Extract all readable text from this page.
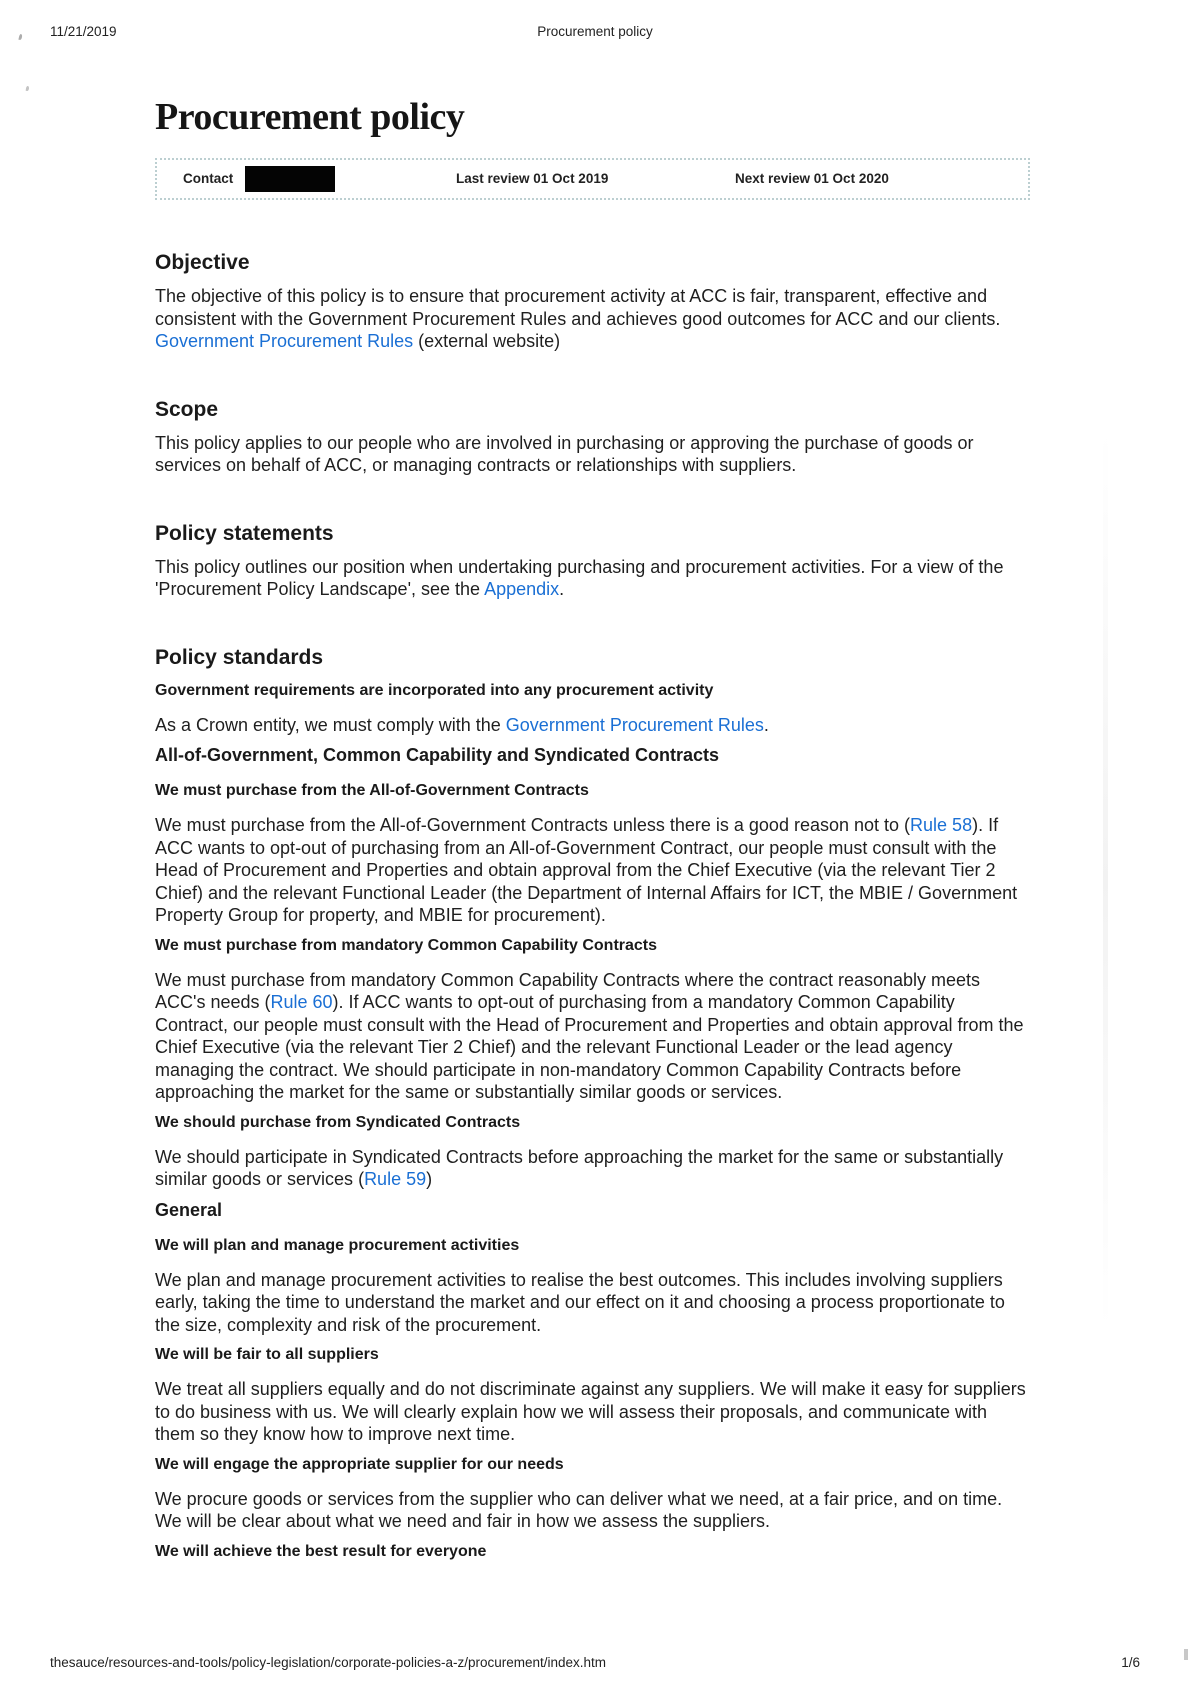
11/21/2019	Procurement policy
Procurement policy
Contact	Last review 01 Oct 2019	Next review 01 Oct 2020
Objective
The objective of this policy is to ensure that procurement activity at ACC is fair, transparent, effective and consistent with the Government Procurement Rules and achieves good outcomes for ACC and our clients.
Government Procurement Rules (external website)
Scope

This policy applies to our people who are involved in purchasing or approving the purchase of goods or services on behalf of ACC, or managing contracts or relationships with suppliers.

Policy statements

This policy outlines our position when undertaking purchasing and procurement activities. For a view of the 'Procurement Policy Landscape', see the Appendix.

Policy standards
Government requirements are incorporated into any procurement activity

As a Crown entity, we must comply with the Government Procurement Rules.

All-of-Government, Common Capability and Syndicated Contracts
We must purchase from the All-of-Government Contracts

We must purchase from the All-of-Government Contracts unless there is a good reason not to (Rule 58). If ACC wants to opt-out of purchasing from an All-of-Government Contract, our people must consult with the Head of Procurement and Properties and obtain approval from the Chief Executive (via the relevant Tier 2 Chief) and the relevant Functional Leader (the Department of Internal Affairs for ICT, the MBIE / Government Property Group for property, and MBIE for procurement).

We must purchase from mandatory Common Capability Contracts

We must purchase from mandatory Common Capability Contracts where the contract reasonably meets ACC's needs (Rule 60). If ACC wants to opt-out of purchasing from a mandatory Common Capability Contract, our people must consult with the Head of Procurement and Properties and obtain approval from the Chief Executive (via the relevant Tier 2 Chief) and the relevant Functional Leader or the lead agency managing the contract. We should participate in non-mandatory Common Capability Contracts before approaching the market for the same or substantially similar goods or services.

We should purchase from Syndicated Contracts

We should participate in Syndicated Contracts before approaching the market for the same or substantially similar goods or services (Rule 59)

General
We will plan and manage procurement activities

We plan and manage procurement activities to realise the best outcomes. This includes involving suppliers early, taking the time to understand the market and our effect on it and choosing a process proportionate to the size, complexity and risk of the procurement.

We will be fair to all suppliers

We treat all suppliers equally and do not discriminate against any suppliers. We will make it easy for suppliers to do business with us. We will clearly explain how we will assess their proposals, and communicate with them so they know how to improve next time.

We will engage the appropriate supplier for our needs

We procure goods or services from the supplier who can deliver what we need, at a fair price, and on time. We will be clear about what we need and fair in how we assess the suppliers.

We will achieve the best result for everyone
thesauce/resources-and-tools/policy-legislation/corporate-policies-a-z/procurement/index.htm	1/6
